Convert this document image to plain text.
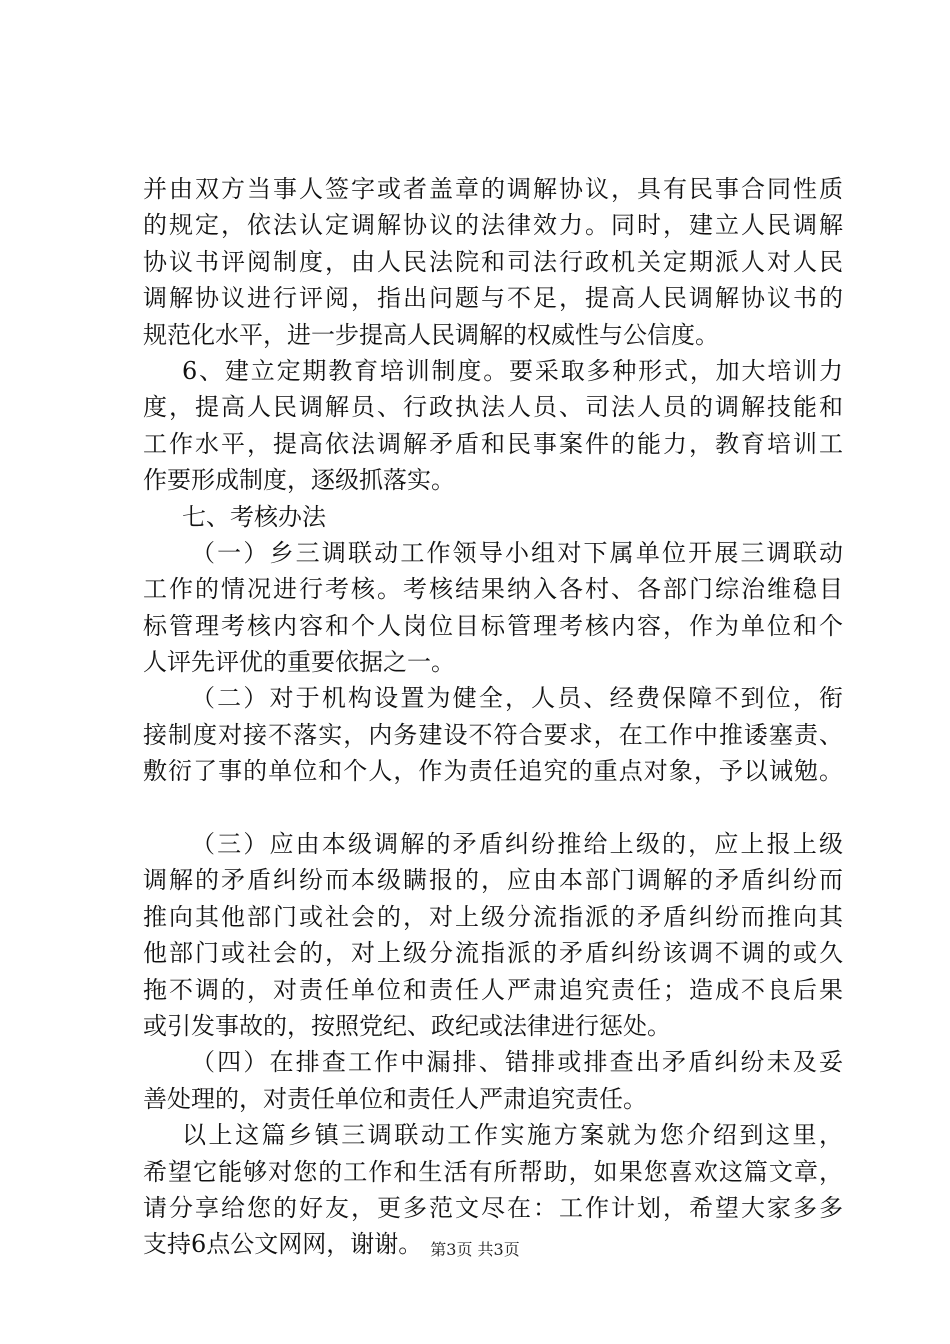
并由双方当事人签字或者盖章的调解协议，具有民事合同性质
的规定，依法认定调解协议的法律效力。同时，建立人民调解
协议书评阅制度，由人民法院和司法行政机关定期派人对人民
调解协议进行评阅，指出问题与不足，提高人民调解协议书的
规范化水平，进一步提高人民调解的权威性与公信度。
6、建立定期教育培训制度。要采取多种形式，加大培训力
度，提高人民调解员、行政执法人员、司法人员的调解技能和
工作水平，提高依法调解矛盾和民事案件的能力，教育培训工
作要形成制度，逐级抓落实。
七、考核办法
（一）乡三调联动工作领导小组对下属单位开展三调联动
工作的情况进行考核。考核结果纳入各村、各部门综治维稳目
标管理考核内容和个人岗位目标管理考核内容，作为单位和个
人评先评优的重要依据之一。
（二）对于机构设置为健全，人员、经费保障不到位，衔
接制度对接不落实，内务建设不符合要求，在工作中推诿塞责、
敷衍了事的单位和个人，作为责任追究的重点对象，予以诫勉。
（三）应由本级调解的矛盾纠纷推给上级的，应上报上级
调解的矛盾纠纷而本级瞒报的，应由本部门调解的矛盾纠纷而
推向其他部门或社会的，对上级分流指派的矛盾纠纷而推向其
他部门或社会的，对上级分流指派的矛盾纠纷该调不调的或久
拖不调的，对责任单位和责任人严肃追究责任；造成不良后果
或引发事故的，按照党纪、政纪或法律进行惩处。
（四）在排查工作中漏排、错排或排查出矛盾纠纷未及妥
善处理的，对责任单位和责任人严肃追究责任。
以上这篇乡镇三调联动工作实施方案就为您介绍到这里，
希望它能够对您的工作和生活有所帮助，如果您喜欢这篇文章，
请分享给您的好友，更多范文尽在：工作计划，希望大家多多
支持6点公文网网，谢谢。 第3页 共3页
